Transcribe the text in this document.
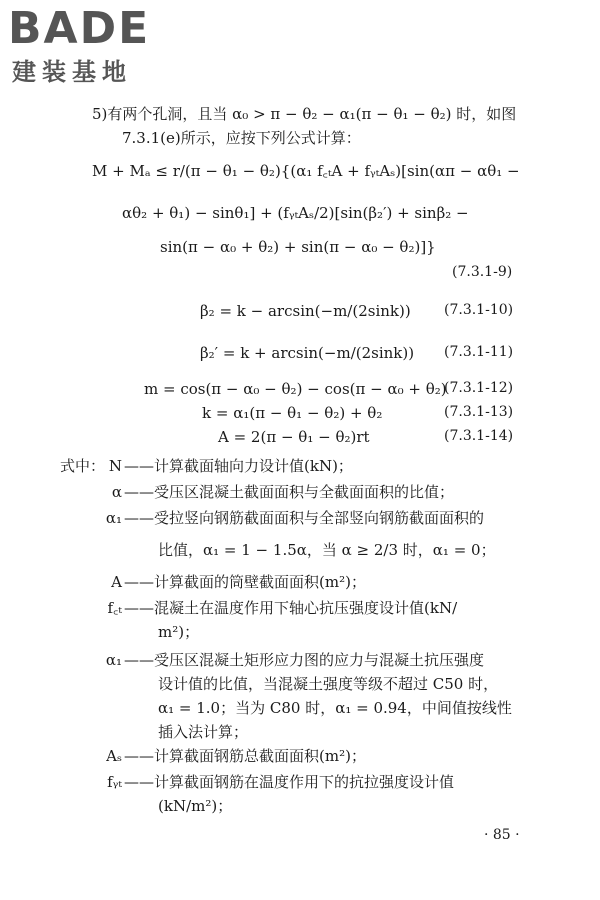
BADE
建装基地
5)有两个孔洞，且当 α₀ > π − θ₂ − α₁(π − θ₁ − θ₂) 时，如图
7.3.1(e)所示，应按下列公式计算：
M + Mₐ ≤ r/(π − θ₁ − θ₂){(α₁ f꜀ₜA + fᵧₜAₛ)[sin(απ − αθ₁ −
αθ₂ + θ₁) − sinθ₁] + (fᵧₜAₛ/2)[sin(β₂′) + sinβ₂ −
sin(π − α₀ + θ₂) + sin(π − α₀ − θ₂)]}
(7.3.1-9)
β₂ = k − arcsin(−m/(2sink)) (7.3.1-10)
β₂′ = k + arcsin(−m/(2sink)) (7.3.1-11)
m = cos(π − α₀ − θ₂) − cos(π − α₀ + θ₂)
(7.3.1-12)
k = α₁(π − θ₁ − θ₂) + θ₂	(7.3.1-13)
A = 2(π − θ₁ − θ₂)rt	(7.3.1-14)
式中： N ——计算截面轴向力设计值(kN)；
α ——受压区混凝土截面面积与全截面面积的比值；
α₁ ——受拉竖向钢筋截面面积与全部竖向钢筋截面面积的
比值，α₁ = 1 − 1.5α，当 α ≥ 2/3 时，α₁ = 0；
A ——计算截面的筒壁截面面积(m²)；
f꜀ₜ ——混凝土在温度作用下轴心抗压强度设计值(kN/
m²)；
α₁ ——受压区混凝土矩形应力图的应力与混凝土抗压强度
设计值的比值，当混凝土强度等级不超过 C50 时，
α₁ = 1.0；当为 C80 时，α₁ = 0.94，中间值按线性
插入法计算；
Aₛ ——计算截面钢筋总截面面积(m²)；
fᵧₜ ——计算截面钢筋在温度作用下的抗拉强度设计值
(kN/m²)；
· 85 ·
